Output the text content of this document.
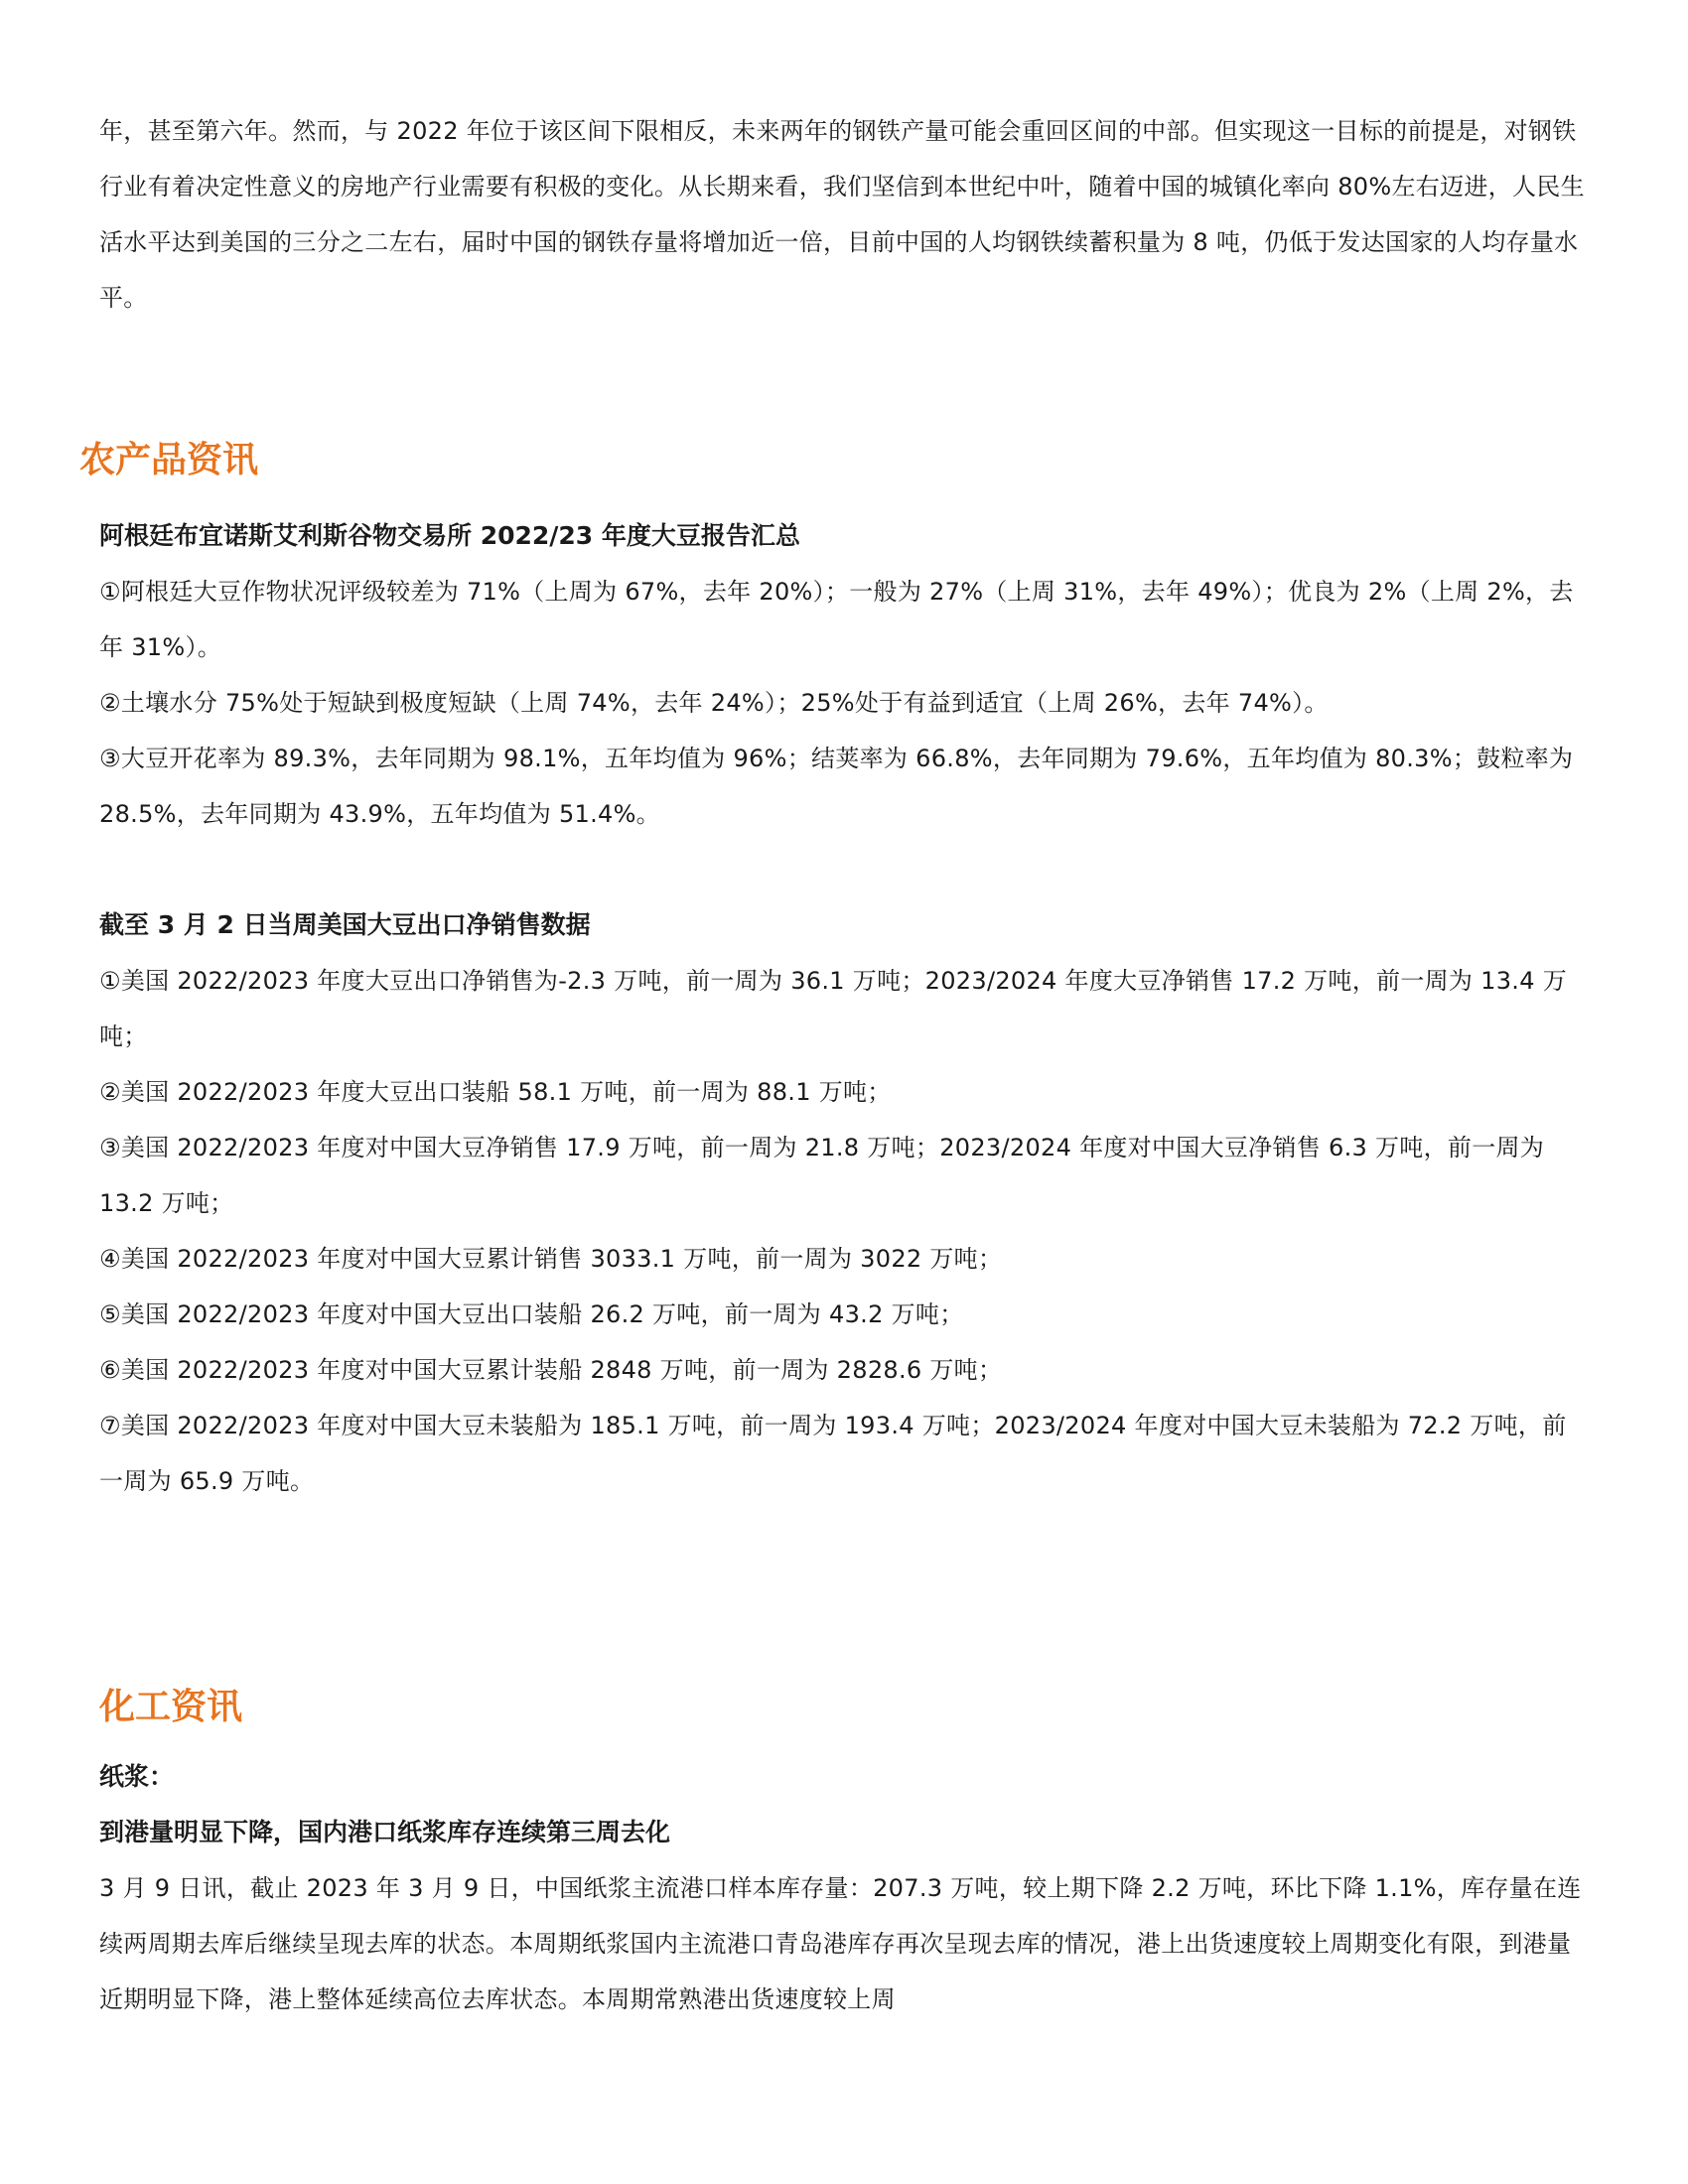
年，甚至第六年。然而，与 2022 年位于该区间下限相反，未来两年的钢铁产量可能会重回区间的中部。但实现这一目标的前提是，对钢铁行业有着决定性意义的房地产行业需要有积极的变化。从长期来看，我们坚信到本世纪中叶，随着中国的城镇化率向 80%左右迈进，人民生活水平达到美国的三分之二左右，届时中国的钢铁存量将增加近一倍，目前中国的人均钢铁续蓄积量为 8 吨，仍低于发达国家的人均存量水平。

农产品资讯

阿根廷布宜诺斯艾利斯谷物交易所 2022/23 年度大豆报告汇总

①阿根廷大豆作物状况评级较差为 71%（上周为 67%，去年 20%）；一般为 27%（上周 31%，去年 49%）；优良为 2%（上周 2%，去年 31%）。

②土壤水分 75%处于短缺到极度短缺（上周 74%，去年 24%）；25%处于有益到适宜（上周 26%，去年 74%）。

③大豆开花率为 89.3%，去年同期为 98.1%，五年均值为 96%；结荚率为 66.8%，去年同期为 79.6%，五年均值为 80.3%；鼓粒率为 28.5%，去年同期为 43.9%，五年均值为 51.4%。

截至 3 月 2 日当周美国大豆出口净销售数据

①美国 2022/2023 年度大豆出口净销售为-2.3 万吨，前一周为 36.1 万吨；2023/2024 年度大豆净销售 17.2 万吨，前一周为 13.4 万吨；

②美国 2022/2023 年度大豆出口装船 58.1 万吨，前一周为 88.1 万吨；

③美国 2022/2023 年度对中国大豆净销售 17.9 万吨，前一周为 21.8 万吨；2023/2024 年度对中国大豆净销售 6.3 万吨，前一周为 13.2 万吨；

④美国 2022/2023 年度对中国大豆累计销售 3033.1 万吨，前一周为 3022 万吨；

⑤美国 2022/2023 年度对中国大豆出口装船 26.2 万吨，前一周为 43.2 万吨；

⑥美国 2022/2023 年度对中国大豆累计装船 2848 万吨，前一周为 2828.6 万吨；

⑦美国 2022/2023 年度对中国大豆未装船为 185.1 万吨，前一周为 193.4 万吨；2023/2024 年度对中国大豆未装船为 72.2 万吨，前一周为 65.9 万吨。

化工资讯

纸浆：

到港量明显下降，国内港口纸浆库存连续第三周去化

3 月 9 日讯，截止 2023 年 3 月 9 日，中国纸浆主流港口样本库存量：207.3 万吨，较上期下降 2.2 万吨，环比下降 1.1%，库存量在连续两周期去库后继续呈现去库的状态。本周期纸浆国内主流港口青岛港库存再次呈现去库的情况，港上出货速度较上周期变化有限，到港量近期明显下降，港上整体延续高位去库状态。本周期常熟港出货速度较上周
